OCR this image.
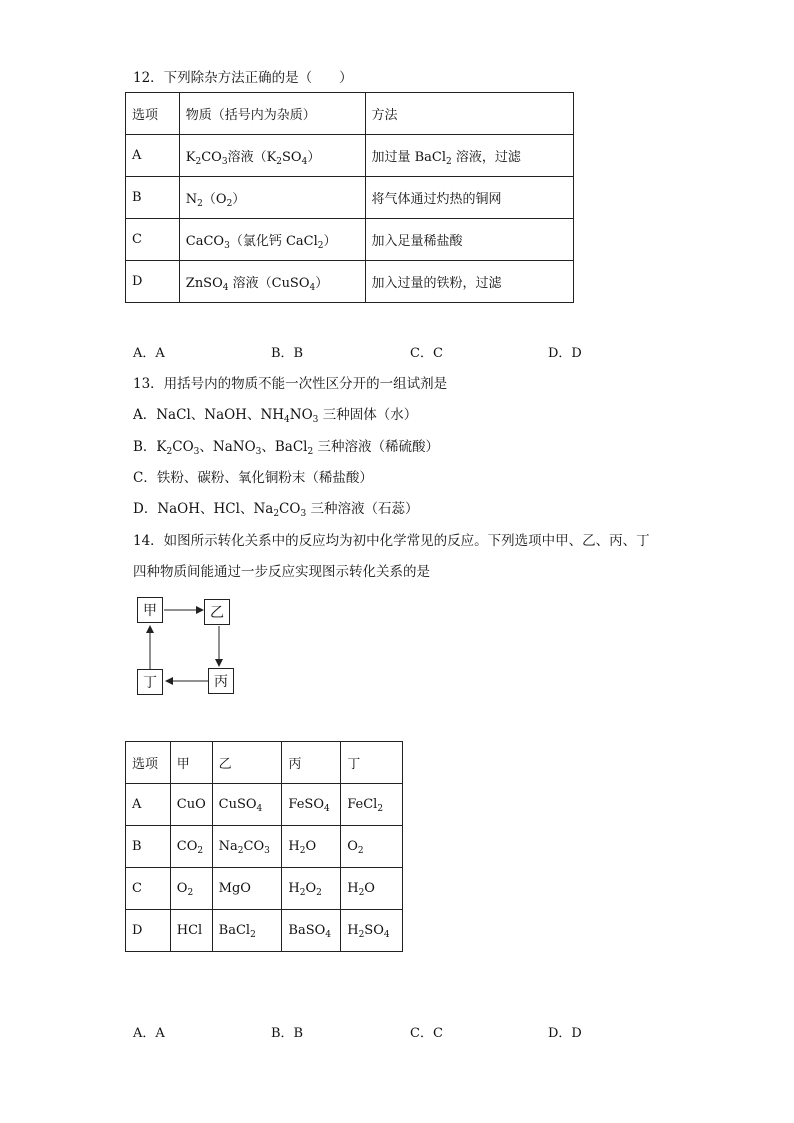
12．下列除杂方法正确的是（　　）
选项	物质（括号内为杂质）	方法
A	$K_2CO_3$溶液$(K_2SO_4)$	加过量 BaCl$_2$ 溶液，过滤
B	$N_2(O_2)$	将气体通过灼热的铜网
C	CaCO$_3$（氯化钙 CaCl$_2$）	加入足量稀盐酸
D	ZnSO$_4$ 溶液（CuSO$_4$）	加入过量的铁粉，过滤
A．A	B．B	C．C	D．D
13．用括号内的物质不能一次性区分开的一组试剂是
A．NaCl、NaOH、$NH_4NO_3$ 三种固体（水）
B．$K_2CO_3$、NaNO$_3$、BaCl$_2$ 三种溶液（稀硫酸）
C．铁粉、碳粉、氧化铜粉末（稀盐酸）
D．NaOH、HCl、$Na_2CO_3$ 三种溶液（石蕊）
14．如图所示转化关系中的反应均为初中化学常见的反应。下列选项中甲、乙、丙、丁
四种物质间能通过一步反应实现图示转化关系的是
甲	乙
丙
丁
选项	甲	乙	丙	丁
A	CuO	CuSO$_4$	FeSO$_4$	FeCl$_2$
B	$CO_2$	$Na_2CO_3$	$H_2O$	$O_2$
C	$O_2$	MgO	$H_2O_2$	$H_2O$
D	HCl	BaCl$_2$	BaSO$_4$	$H_2SO_4$
A．A	B．B	C．C	D．D
